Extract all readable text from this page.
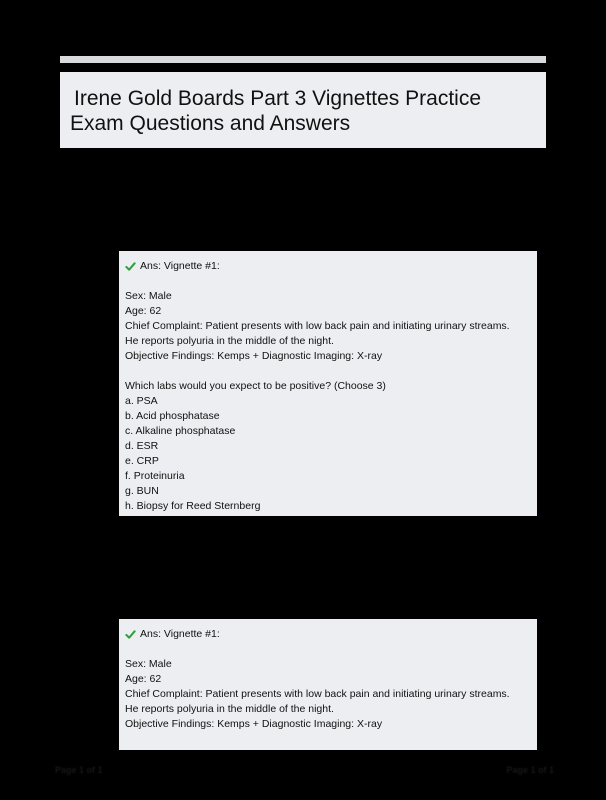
Irene Gold Boards Part 3 Vignettes Practice
Exam Questions and Answers
Ans: Vignette #1:
Sex: Male
Age: 62
Chief Complaint: Patient presents with low back pain and initiating urinary streams.
He reports polyuria in the middle of the night.
Objective Findings: Kemps + Diagnostic Imaging: X-ray
Which labs would you expect to be positive? (Choose 3)
a. PSA
b. Acid phosphatase
c. Alkaline phosphatase
d. ESR
e. CRP
f. Proteinuria
g. BUN
h. Biopsy for Reed Sternberg
Ans: Vignette #1:
Sex: Male
Age: 62
Chief Complaint: Patient presents with low back pain and initiating urinary streams.
He reports polyuria in the middle of the night.
Objective Findings: Kemps + Diagnostic Imaging: X-ray
Page 1 of 1	Page 1 of 1
